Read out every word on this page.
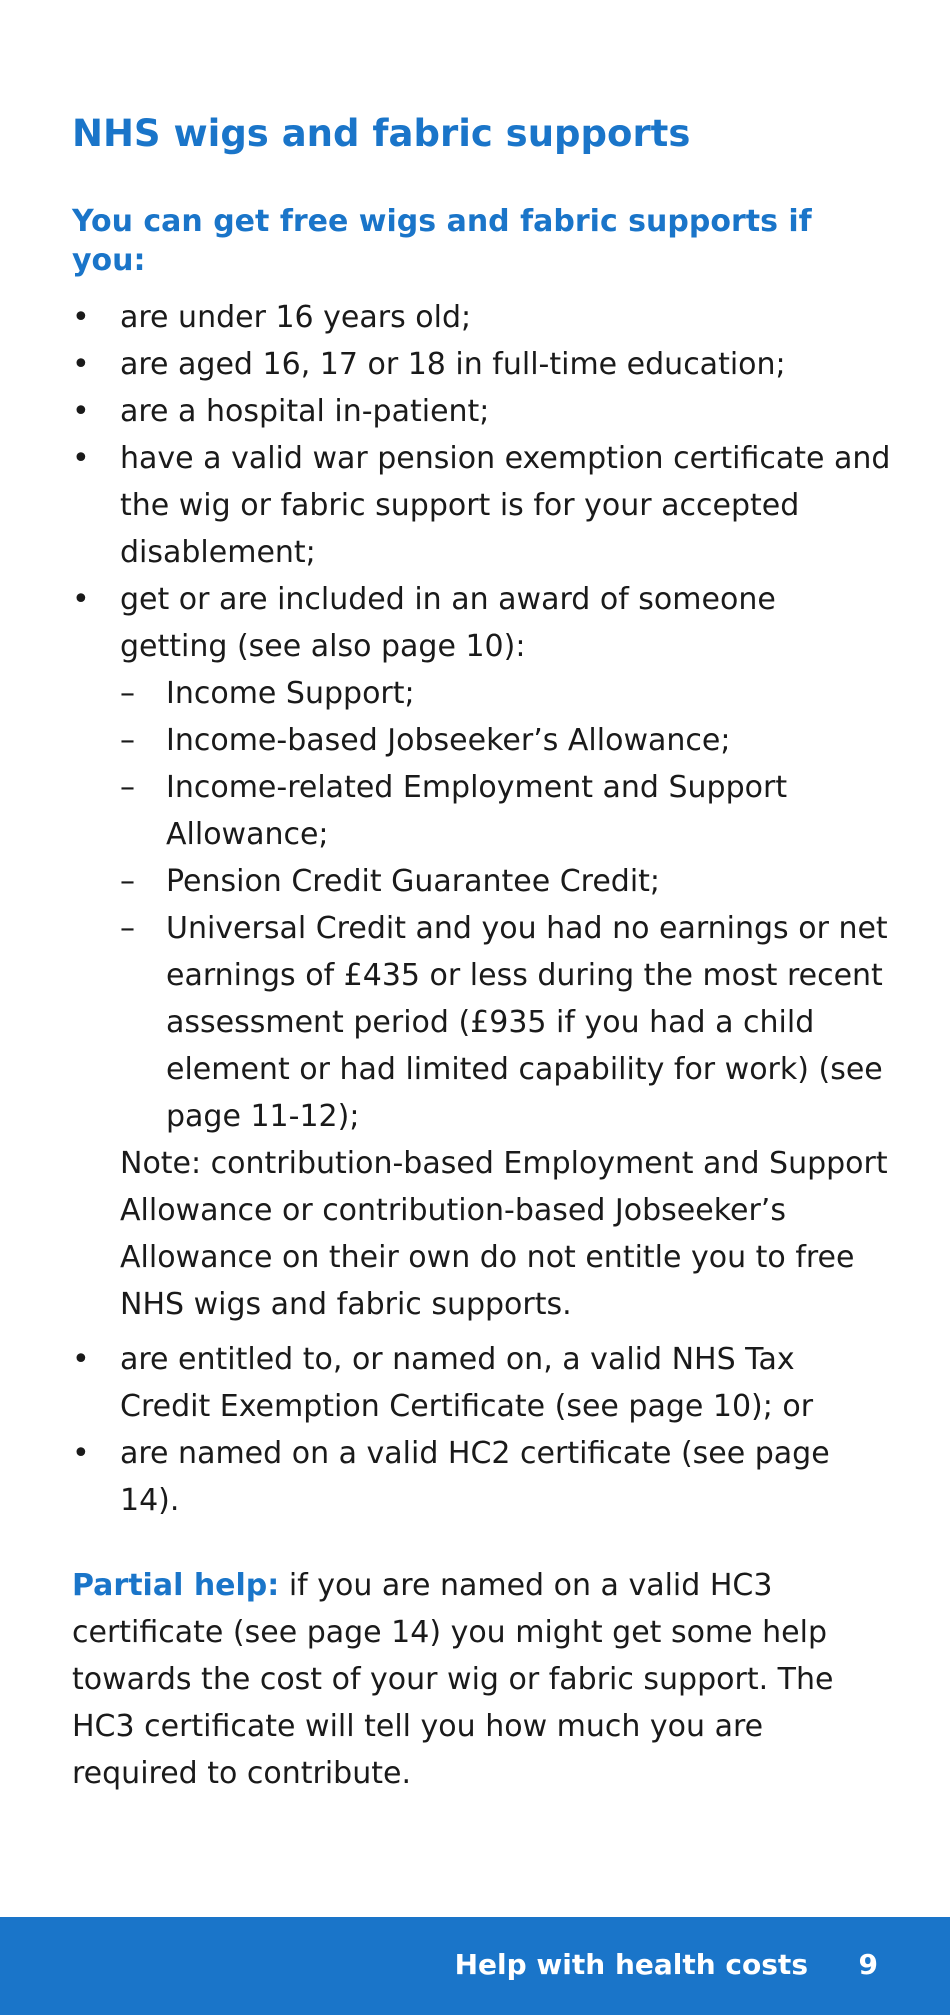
NHS wigs and fabric supports
You can get free wigs and fabric supports if you:
• are under 16 years old;
• are aged 16, 17 or 18 in full-time education;
• are a hospital in-patient;
• have a valid war pension exemption certificate and the wig or fabric support is for your accepted disablement;
• get or are included in an award of someone getting (see also page 10):
– Income Support;
– Income-based Jobseeker’s Allowance;
– Income-related Employment and Support Allowance;
– Pension Credit Guarantee Credit;
– Universal Credit and you had no earnings or net earnings of £435 or less during the most recent assessment period (£935 if you had a child element or had limited capability for work) (see page 11-12);
Note: contribution-based Employment and Support Allowance or contribution-based Jobseeker’s Allowance on their own do not entitle you to free NHS wigs and fabric supports.
• are entitled to, or named on, a valid NHS Tax Credit Exemption Certificate (see page 10); or
• are named on a valid HC2 certificate (see page 14).

Partial help: if you are named on a valid HC3 certificate (see page 14) you might get some help towards the cost of your wig or fabric support. The HC3 certificate will tell you how much you are required to contribute.

Help with health costs 9
